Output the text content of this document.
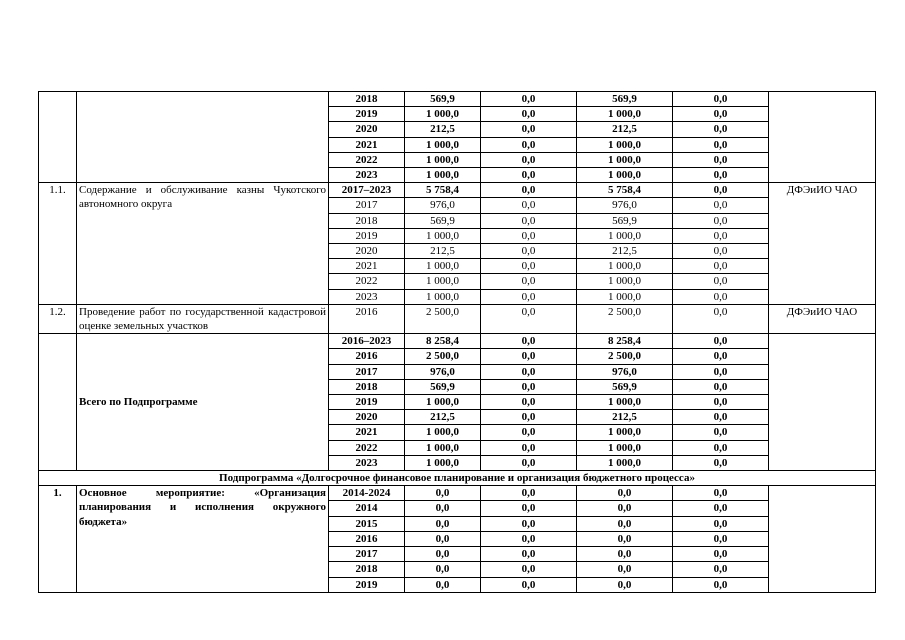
		2018	569,9	0,0	569,9	0,0	
		2019	1 000,0	0,0	1 000,0	0,0	
		2020	212,5	0,0	212,5	0,0	
		2021	1 000,0	0,0	1 000,0	0,0	
		2022	1 000,0	0,0	1 000,0	0,0	
		2023	1 000,0	0,0	1 000,0	0,0	
1.1.	Содержание и обслуживание казны Чукотского автономного округа	2017–2023	5 758,4	0,0	5 758,4	0,0	ДФЭиИО ЧАО
		2017	976,0	0,0	976,0	0,0	
		2018	569,9	0,0	569,9	0,0	
		2019	1 000,0	0,0	1 000,0	0,0	
		2020	212,5	0,0	212,5	0,0	
		2021	1 000,0	0,0	1 000,0	0,0	
		2022	1 000,0	0,0	1 000,0	0,0	
		2023	1 000,0	0,0	1 000,0	0,0	
1.2.	Проведение работ по государственной кадастровой оценке земельных участков	2016	2 500,0	0,0	2 500,0	0,0	ДФЭиИО ЧАО
	Всего по Подпрограмме	2016–2023	8 258,4	0,0	8 258,4	0,0	
		2016	2 500,0	0,0	2 500,0	0,0	
		2017	976,0	0,0	976,0	0,0	
		2018	569,9	0,0	569,9	0,0	
		2019	1 000,0	0,0	1 000,0	0,0	
		2020	212,5	0,0	212,5	0,0	
		2021	1 000,0	0,0	1 000,0	0,0	
		2022	1 000,0	0,0	1 000,0	0,0	
		2023	1 000,0	0,0	1 000,0	0,0	
Подпрограмма «Долгосрочное финансовое планирование и организация бюджетного процесса»							
1.	Основное мероприятие: «Организация планирования и исполнения окружного бюджета»	2014-2024	0,0	0,0	0,0	0,0	
		2014	0,0	0,0	0,0	0,0	
		2015	0,0	0,0	0,0	0,0	
		2016	0,0	0,0	0,0	0,0	
		2017	0,0	0,0	0,0	0,0	
		2018	0,0	0,0	0,0	0,0	
		2019	0,0	0,0	0,0	0,0	
